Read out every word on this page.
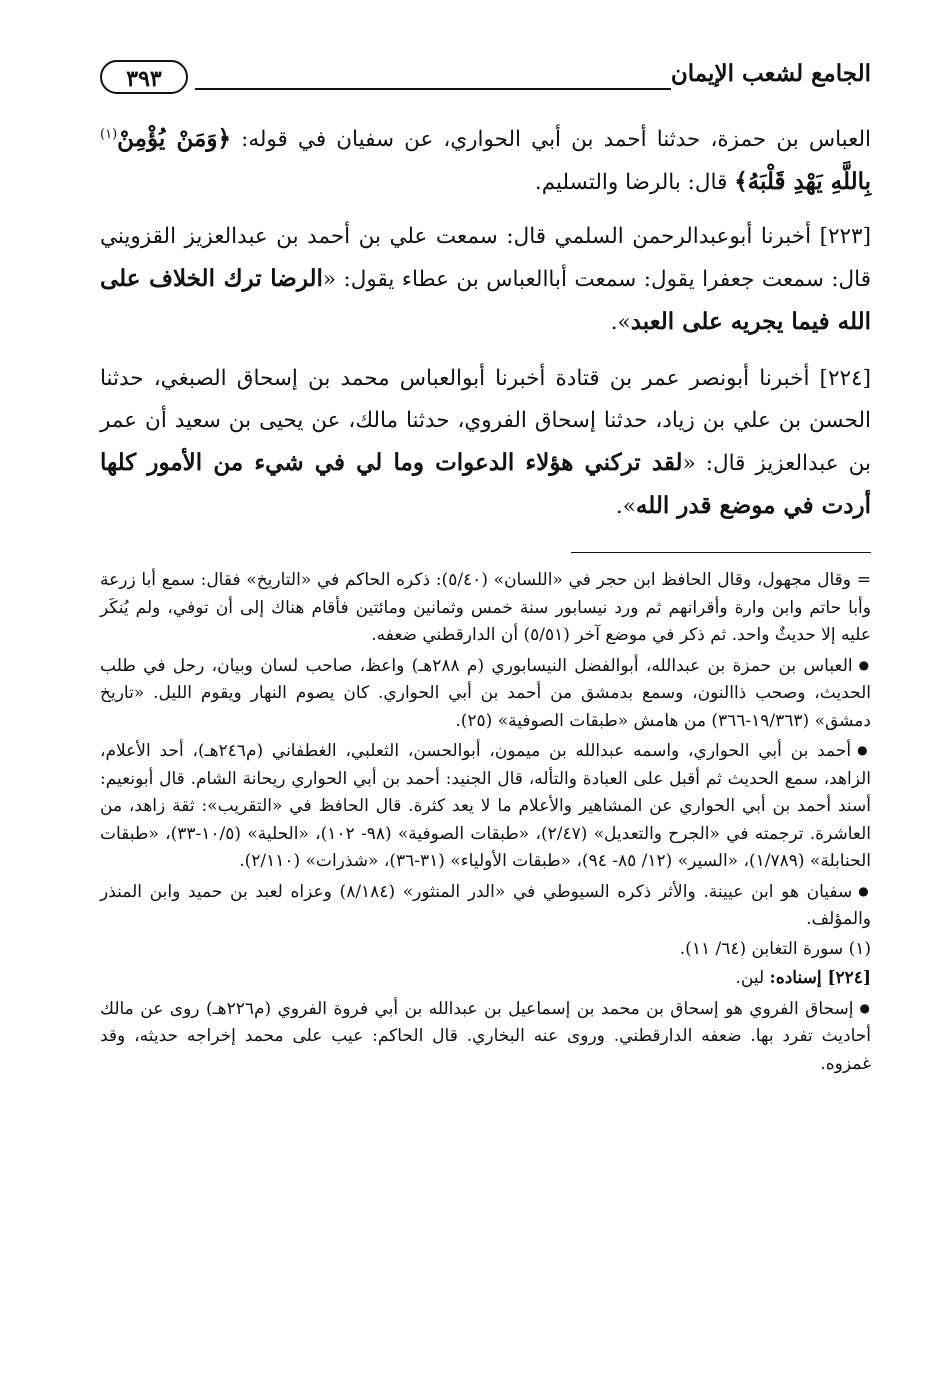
الجامع لشعب الإيمان
٣٩٣

العباس بن حمزة، حدثنا أحمد بن أبي الحواري، عن سفيان في قوله: ﴿وَمَنْ يُؤْمِنْ$^{(١)}$ بِاللَّهِ يَهْدِ قَلْبَهُ﴾ قال: بالرضا والتسليم.

[٢٢٣] أخبرنا أبوعبدالرحمن السلمي قال: سمعت علي بن أحمد بن عبدالعزيز القزويني قال: سمعت جعفرا يقول: سمعت أباالعباس بن عطاء يقول: «الرضا ترك الخلاف على الله فيما يجريه على العبد».

[٢٢٤] أخبرنا أبونصر عمر بن قتادة أخبرنا أبوالعباس محمد بن إسحاق الصبغي، حدثنا الحسن بن علي بن زياد، حدثنا إسحاق الفروي، حدثنا مالك، عن يحيى بن سعيد أن عمر بن عبدالعزيز قال: «لقد تركني هؤلاء الدعوات وما لي في شيء من الأمور كلها أردت في موضع قدر الله».

= وقال مجهول، وقال الحافظ ابن حجر في «اللسان» (٥/٤٠): ذكره الحاكم في «التاريخ» فقال: سمع أبا زرعة وأبا حاتم وابن وارة وأقرانهم ثم ورد نيسابور سنة خمس وثمانين ومائتين فأقام هناك إلى أن توفي، ولم يُنكَر عليه إلا حديثٌ واحد. ثم ذكر في موضع آخر (٥/٥١) أن الدارقطني ضعفه.

● العباس بن حمزة بن عبدالله، أبوالفضل النيسابوري (م ٢٨٨هـ) واعظ، صاحب لسان وبيان، رحل في طلب الحديث، وصحب ذاالنون، وسمع بدمشق من أحمد بن أبي الحواري. كان يصوم النهار ويقوم الليل. «تاريخ دمشق» (١٩/٣٦٣-٣٦٦) من هامش «طبقات الصوفية» (٢٥).

● أحمد بن أبي الحواري، واسمه عبدالله بن ميمون، أبوالحسن، الثعلبي، الغطفاني (م٢٤٦هـ)، أحد الأعلام، الزاهد، سمع الحديث ثم أقبل على العبادة والتأله، قال الجنيد: أحمد بن أبي الحواري ريحانة الشام. قال أبونعيم: أسند أحمد بن أبي الحواري عن المشاهير والأعلام ما لا يعد كثرة. قال الحافظ في «التقريب»: ثقة زاهد، من العاشرة. ترجمته في «الجرح والتعديل» (٢/٤٧)، «طبقات الصوفية» (٩٨- ١٠٢)، «الحلية» (١٠/٥-٣٣)، «طبقات الحنابلة» (١/٧٨٩)، «السير» (١٢/ ٨٥- ٩٤)، «طبقات الأولياء» (٣١-٣٦)، «شذرات» (٢/١١٠).

● سفيان هو ابن عيينة. والأثر ذكره السيوطي في «الدر المنثور» (٨/١٨٤) وعزاه لعبد بن حميد وابن المنذر والمؤلف.

(١) سورة التغابن (٦٤/ ١١).

[٢٢٤] إسناده: لين.

● إسحاق الفروي هو إسحاق بن محمد بن إسماعيل بن عبدالله بن أبي فروة الفروي (م٢٢٦هـ) روى عن مالك أحاديث تفرد بها. ضعفه الدارقطني. وروى عنه البخاري. قال الحاكم: عيب على محمد إخراجه حديثه، وقد غمزوه.
